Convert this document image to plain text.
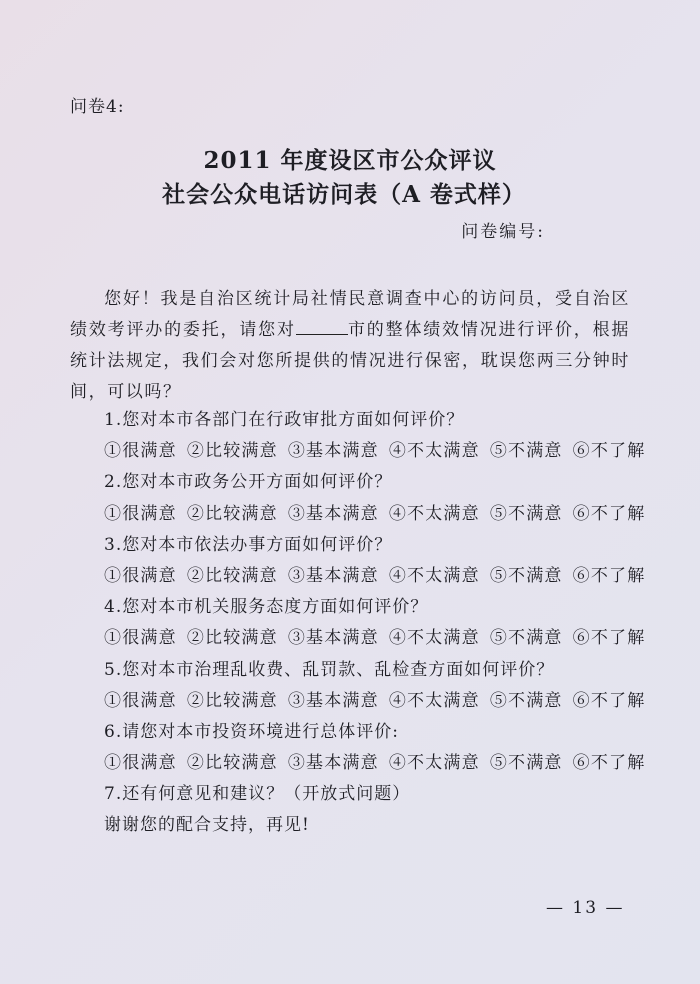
问卷4:
2011 年度设区市公众评议
社会公众电话访问表（A 卷式样）
问卷编号:
您好！我是自治区统计局社情民意调查中心的访问员，受自治区绩效考评办的委托，请您对	市的整体绩效情况进行评价，根据统计法规定，我们会对您所提供的情况进行保密，耽误您两三分钟时间，可以吗？
1.您对本市各部门在行政审批方面如何评价？
①很满意 ②比较满意 ③基本满意 ④不太满意 ⑤不满意 ⑥不了解
2.您对本市政务公开方面如何评价？
①很满意 ②比较满意 ③基本满意 ④不太满意 ⑤不满意 ⑥不了解
3.您对本市依法办事方面如何评价？
①很满意 ②比较满意 ③基本满意 ④不太满意 ⑤不满意 ⑥不了解
4.您对本市机关服务态度方面如何评价？
①很满意 ②比较满意 ③基本满意 ④不太满意 ⑤不满意 ⑥不了解
5.您对本市治理乱收费、乱罚款、乱检查方面如何评价？
①很满意 ②比较满意 ③基本满意 ④不太满意 ⑤不满意 ⑥不了解
6.请您对本市投资环境进行总体评价:
①很满意 ②比较满意 ③基本满意 ④不太满意 ⑤不满意 ⑥不了解
7.还有何意见和建议？（开放式问题）
谢谢您的配合支持，再见!
— 13 —
